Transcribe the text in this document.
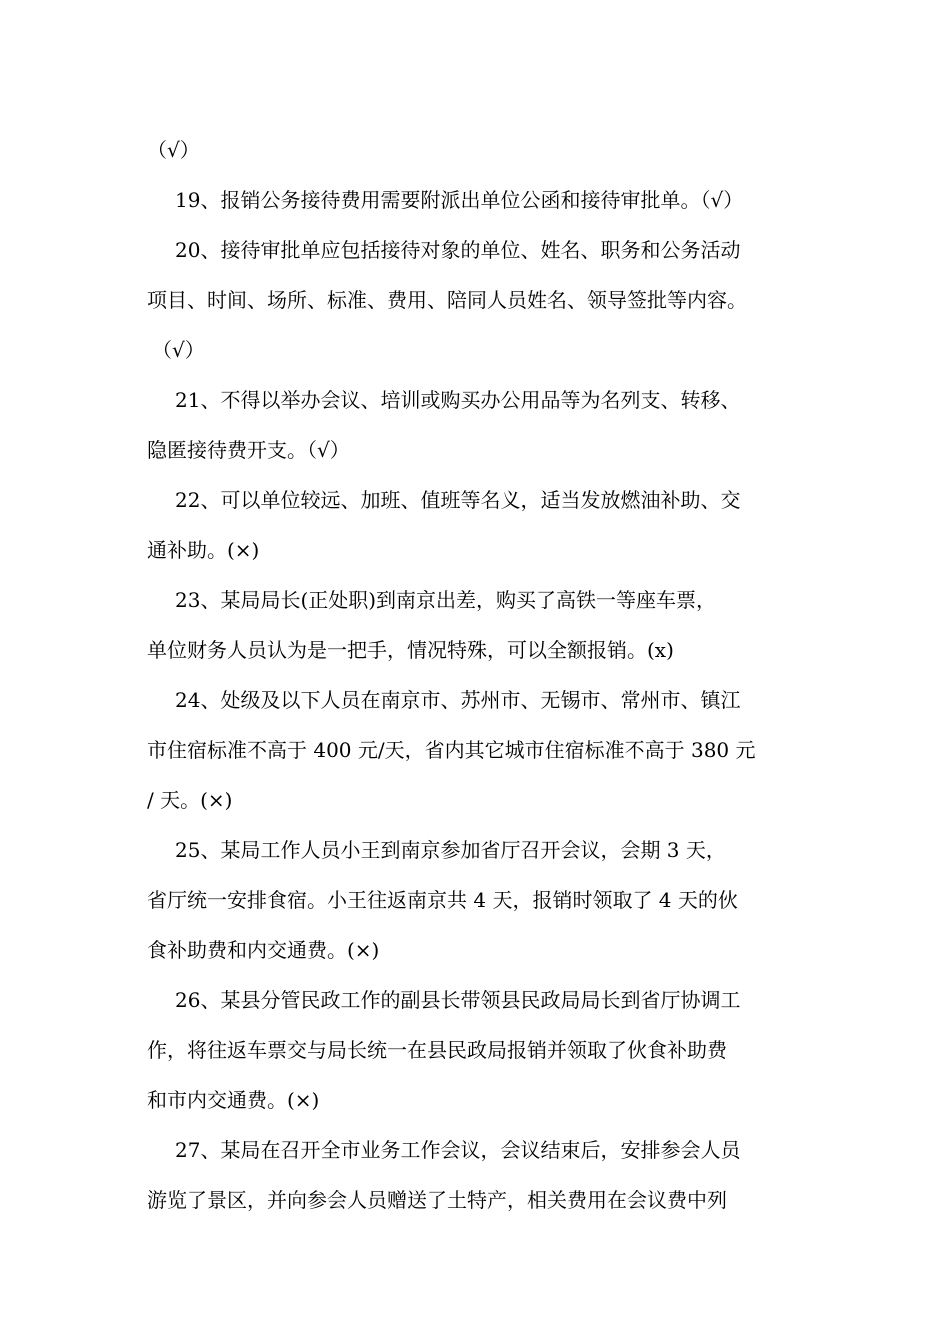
（√）
19、报销公务接待费用需要附派出单位公函和接待审批单。（√）
20、接待审批单应包括接待对象的单位、姓名、职务和公务活动
项目、时间、场所、标准、费用、陪同人员姓名、领导签批等内容。
（√）
21、不得以举办会议、培训或购买办公用品等为名列支、转移、
隐匿接待费开支。（√）
22、可以单位较远、加班、值班等名义，适当发放燃油补助、交
通补助。(×)
23、某局局长(正处职)到南京出差，购买了高铁一等座车票，
单位财务人员认为是一把手，情况特殊，可以全额报销。(x)
24、处级及以下人员在南京市、苏州市、无锡市、常州市、镇江
市住宿标准不高于 400 元/天，省内其它城市住宿标准不高于 380 元
/ 天。(×)
25、某局工作人员小王到南京参加省厅召开会议，会期 3 天，
省厅统一安排食宿。小王往返南京共 4 天，报销时领取了 4 天的伙
食补助费和内交通费。(×)
26、某县分管民政工作的副县长带领县民政局局长到省厅协调工
作，将往返车票交与局长统一在县民政局报销并领取了伙食补助费
和市内交通费。(×)
27、某局在召开全市业务工作会议，会议结束后，安排参会人员
游览了景区，并向参会人员赠送了土特产，相关费用在会议费中列
